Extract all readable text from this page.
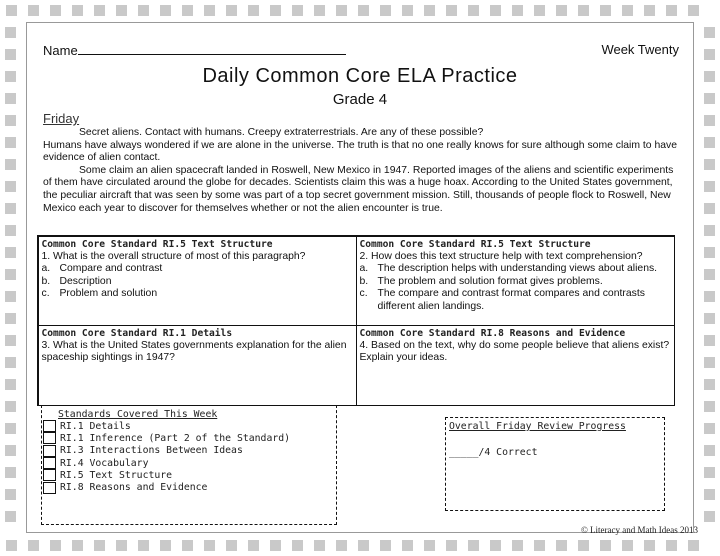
Name	Week Twenty
Daily Common Core ELA Practice
Grade 4
Friday

Secret aliens. Contact with humans. Creepy extraterrestrials. Are any of these possible?

Humans have always wondered if we are alone in the universe. The truth is that no one really knows for sure although some claim to have evidence of alien contact.

Some claim an alien spacecraft landed in Roswell, New Mexico in 1947. Reported images of the aliens and scientific experiments of them have circulated around the globe for decades. Scientists claim this was a huge hoax. According to the United States government, the peculiar aircraft that was seen by some was part of a top secret government mission. Still, thousands of people flock to Roswell, New Mexico each year to discover for themselves whether or not the alien encounter is true.

Common Core Standard RI.5 Text Structure
1. What is the overall structure of most of this paragraph?
a. Compare and contrast
b. Description
c. Problem and solution
Common Core Standard RI.5 Text Structure
2. How does this text structure help with text comprehension?
a. The description helps with understanding views about aliens.
b. The problem and solution format gives problems.
c. The compare and contrast format compares and contrasts different alien landings.
Common Core Standard RI.1 Details
3. What is the United States governments explanation for the alien spaceship sightings in 1947?
Common Core Standard RI.8 Reasons and Evidence
4. Based on the text, why do some people believe that aliens exist? Explain your ideas.
Standards Covered This Week
RI.1 Details
RI.1 Inference (Part 2 of the Standard)
RI.3 Interactions Between Ideas
RI.4 Vocabulary
RI.5 Text Structure
RI.8 Reasons and Evidence
Overall Friday Review Progress
_____/4 Correct
© Literacy and Math Ideas 2013
